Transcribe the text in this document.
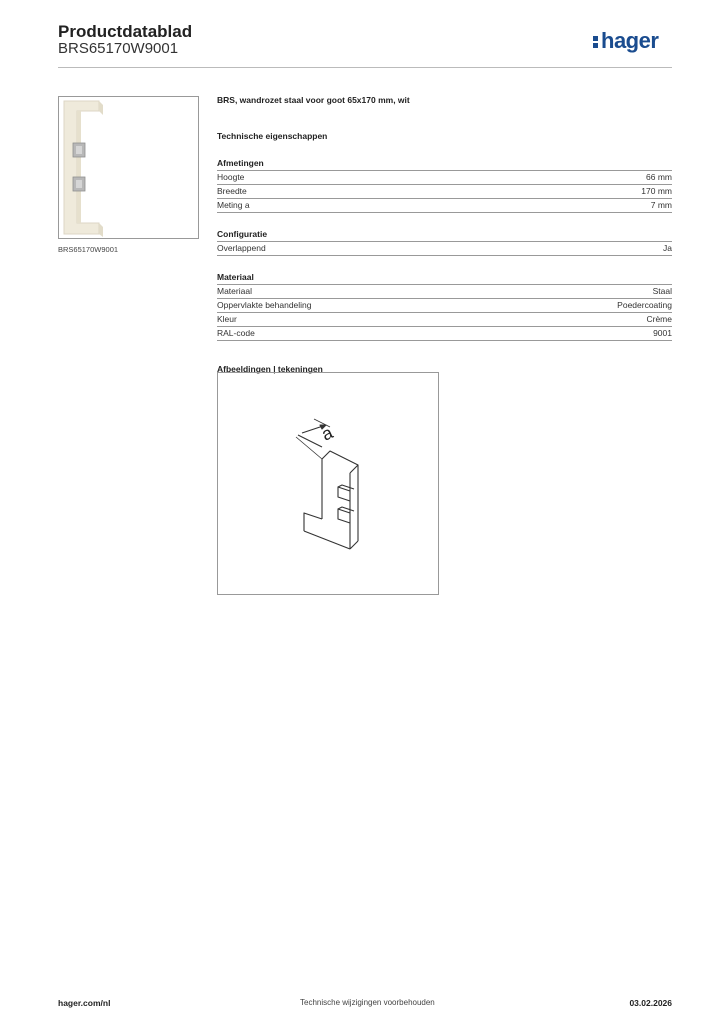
Productdatablad
BRS65170W9001	hager
BRS65170W9001
BRS, wandrozet staal voor goot 65x170 mm, wit
Technische eigenschappen
Afmetingen
Hoogte	66 mm
Breedte	170 mm
Meting a	7 mm
Configuratie
Overlappend	Ja
Materiaal
Materiaal	Staal
Oppervlakte behandeling	Poedercoating
Kleur	Crème
RAL-code	9001
Afbeeldingen | tekeningen
a
hager.com/nl	Technische wijzigingen voorbehouden	03.02.2026
